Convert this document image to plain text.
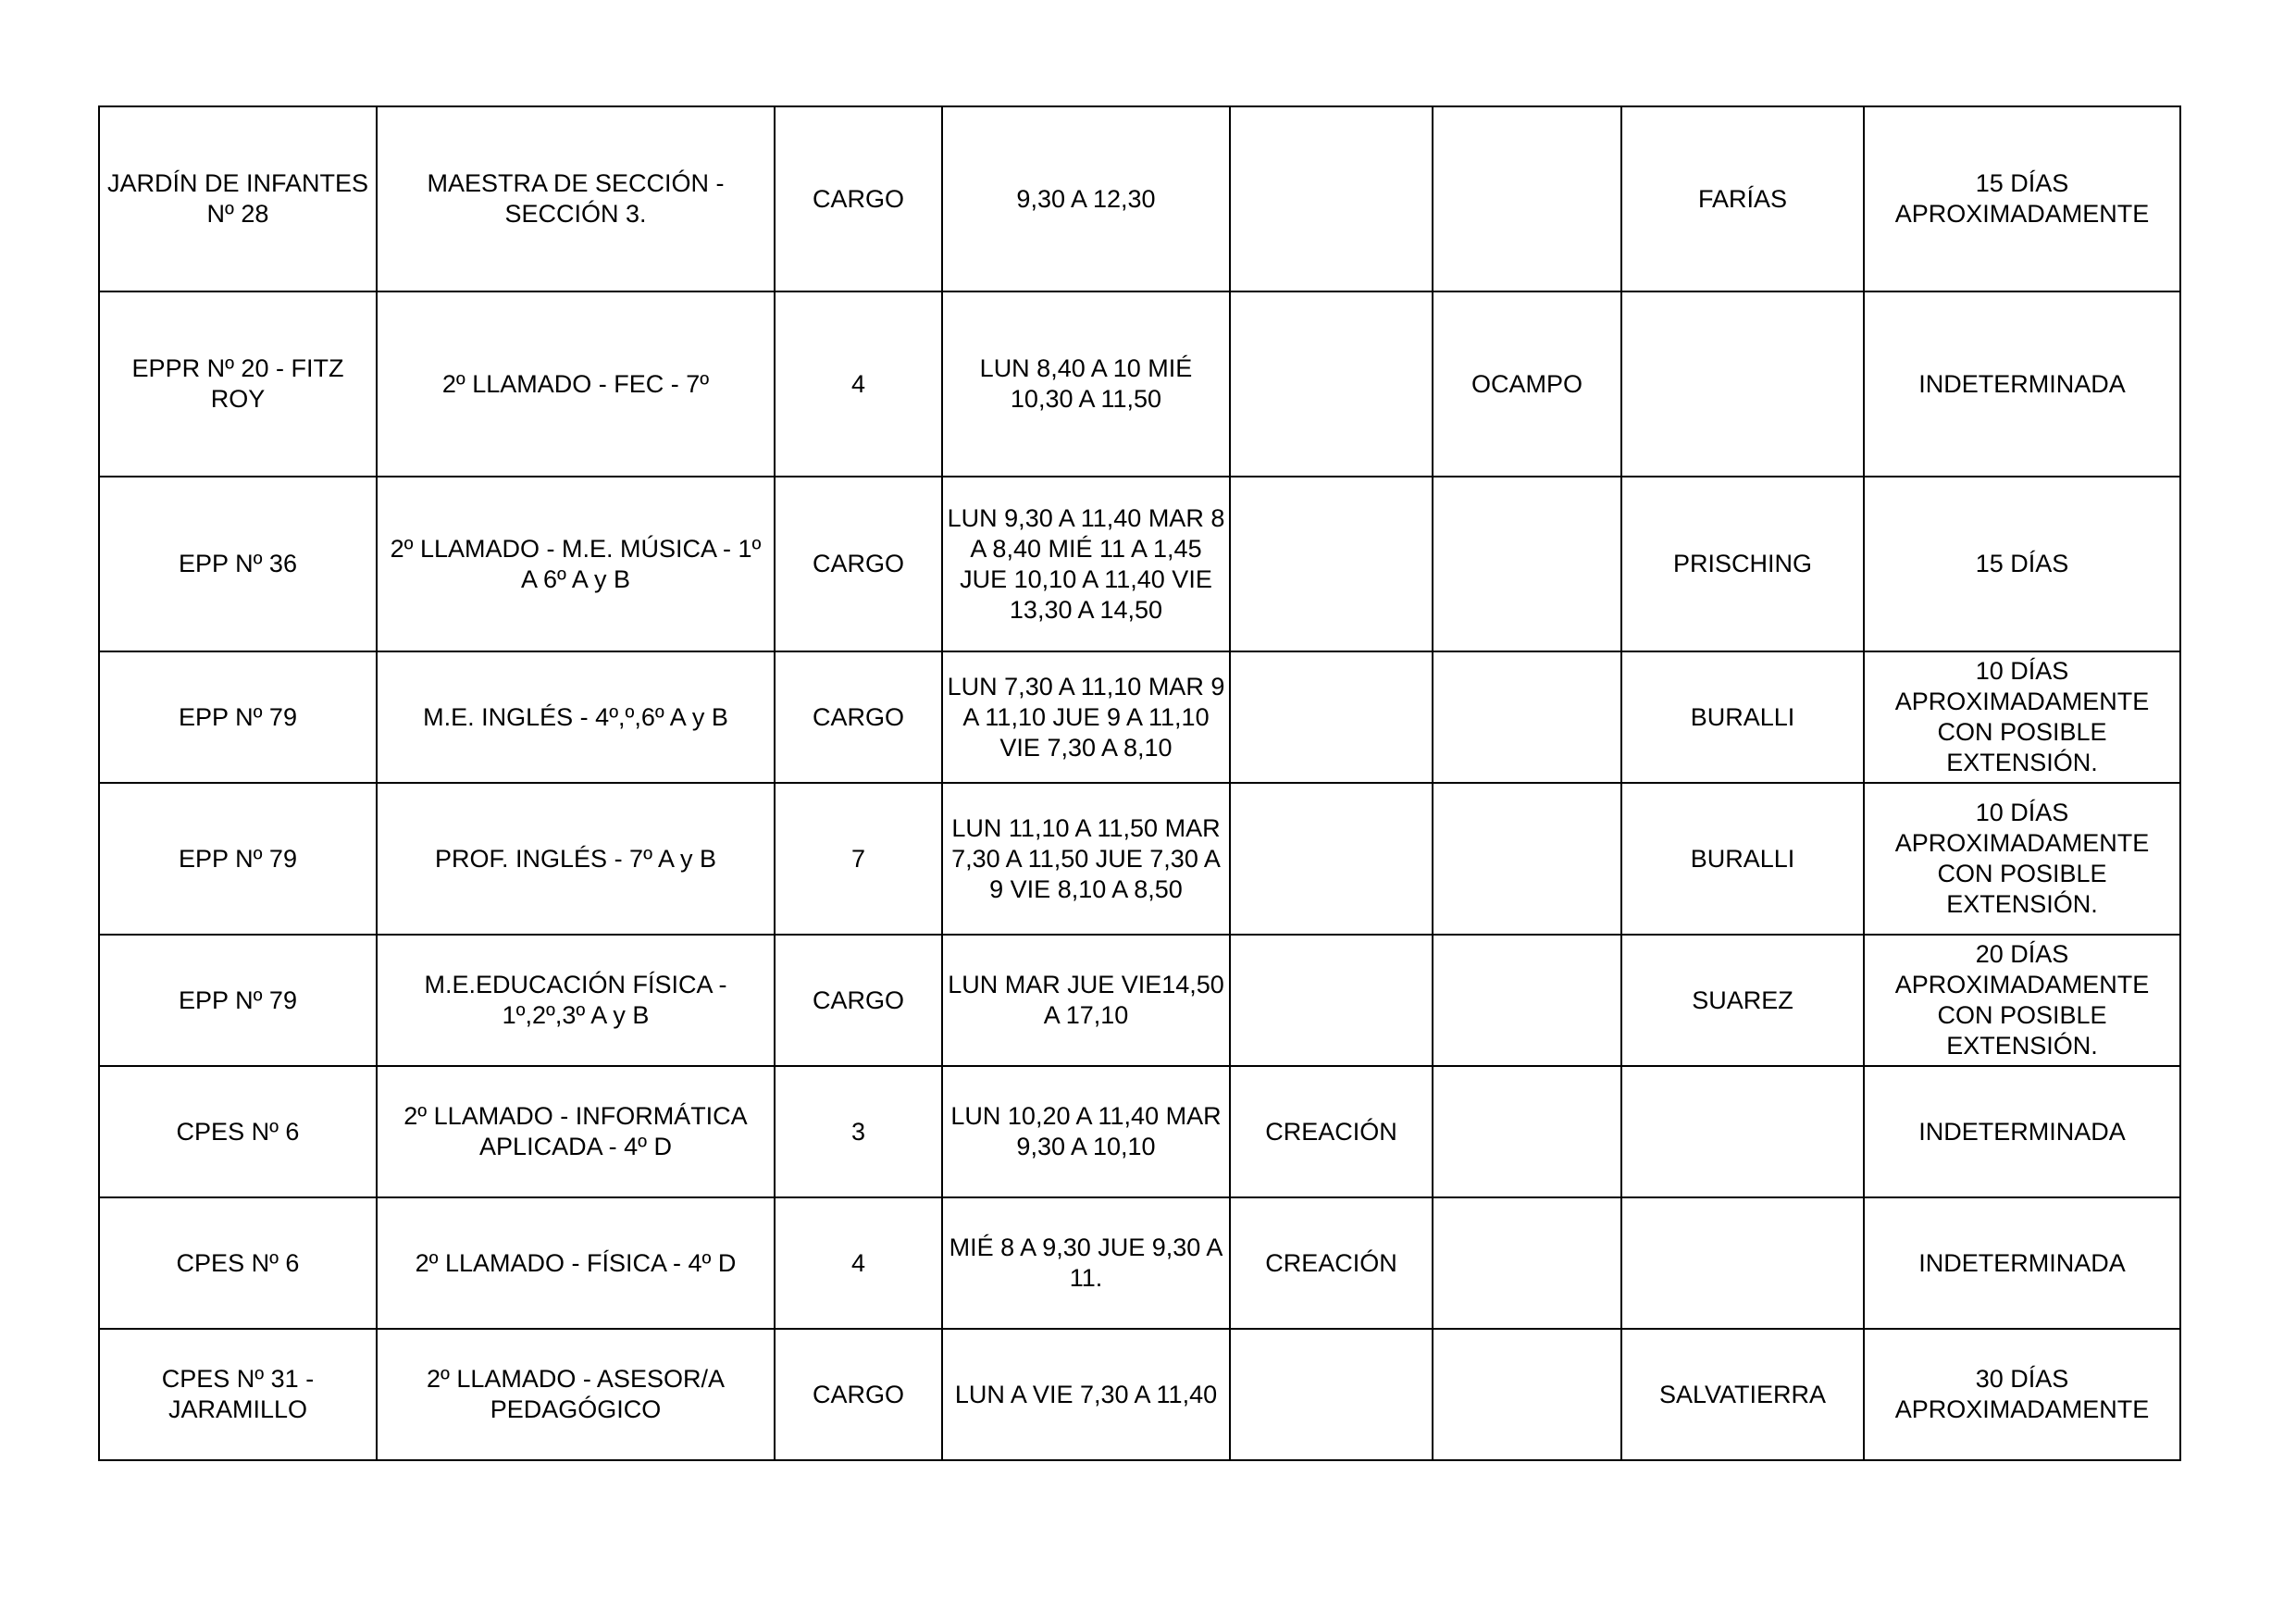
JARDÍN DE INFANTES Nº 28	MAESTRA DE SECCIÓN - SECCIÓN 3.	CARGO	9,30 A 12,30			FARÍAS	15 DÍAS APROXIMADAMENTE
EPPR Nº 20 - FITZ ROY	2º LLAMADO - FEC - 7º	4	LUN 8,40 A 10 MIÉ 10,30 A 11,50		OCAMPO		INDETERMINADA
EPP Nº 36	2º LLAMADO - M.E. MÚSICA - 1º A 6º A y B	CARGO	LUN 9,30 A 11,40 MAR 8 A 8,40 MIÉ 11 A 1,45 JUE 10,10 A 11,40 VIE 13,30 A 14,50			PRISCHING	15 DÍAS
EPP Nº 79	M.E. INGLÉS - 4º,º,6º A y B	CARGO	LUN 7,30 A 11,10 MAR 9 A 11,10 JUE 9 A 11,10 VIE 7,30 A 8,10			BURALLI	10 DÍAS APROXIMADAMENTE CON POSIBLE EXTENSIÓN.
EPP Nº 79	PROF. INGLÉS - 7º A y B	7	LUN 11,10 A 11,50 MAR 7,30 A 11,50 JUE 7,30 A 9 VIE 8,10 A 8,50			BURALLI	10 DÍAS APROXIMADAMENTE CON POSIBLE EXTENSIÓN.
EPP Nº 79	M.E.EDUCACIÓN FÍSICA - 1º,2º,3º A y B	CARGO	LUN MAR JUE VIE14,50 A 17,10			SUAREZ	20 DÍAS APROXIMADAMENTE CON POSIBLE EXTENSIÓN.
CPES Nº 6	2º LLAMADO - INFORMÁTICA APLICADA - 4º D	3	LUN 10,20 A 11,40 MAR 9,30 A 10,10	CREACIÓN			INDETERMINADA
CPES Nº 6	2º LLAMADO - FÍSICA - 4º D	4	MIÉ 8 A 9,30 JUE 9,30 A 11.	CREACIÓN			INDETERMINADA
CPES Nº 31 - JARAMILLO	2º LLAMADO - ASESOR/A PEDAGÓGICO	CARGO	LUN A VIE 7,30 A 11,40			SALVATIERRA	30 DÍAS APROXIMADAMENTE
